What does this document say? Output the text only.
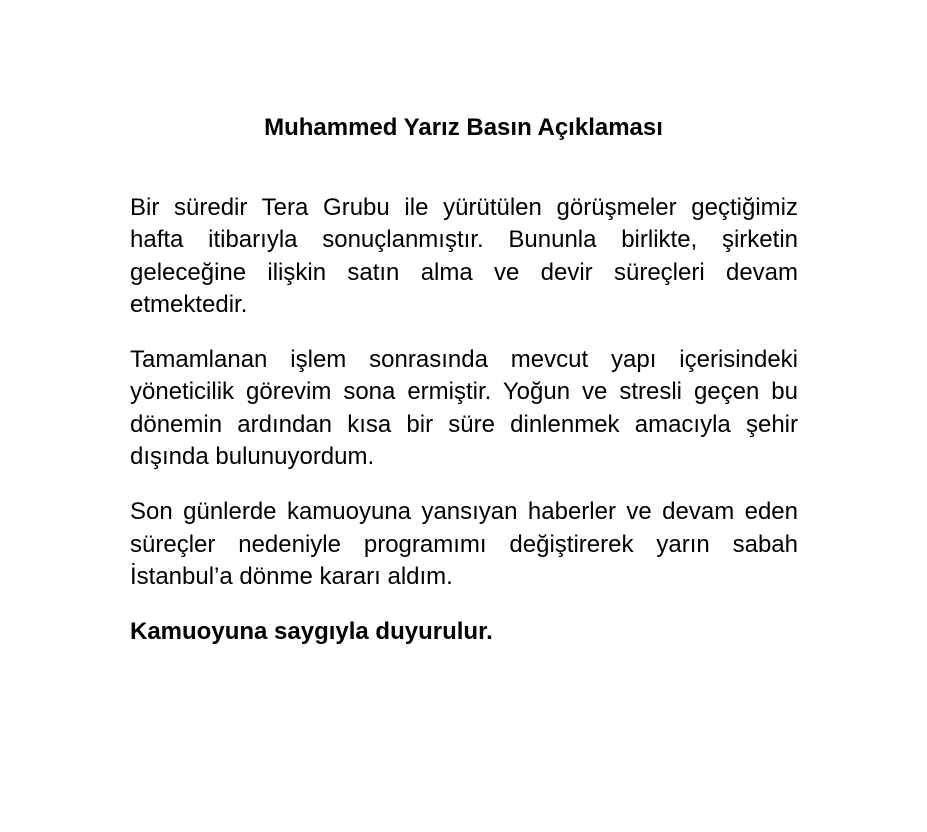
Muhammed Yarız Basın Açıklaması

Bir süredir Tera Grubu ile yürütülen görüşmeler geçtiğimiz hafta itibarıyla sonuçlanmıştır. Bununla birlikte, şirketin geleceğine ilişkin satın alma ve devir süreçleri devam etmektedir.

Tamamlanan işlem sonrasında mevcut yapı içerisindeki yöneticilik görevim sona ermiştir. Yoğun ve stresli geçen bu dönemin ardından kısa bir süre dinlenmek amacıyla şehir dışında bulunuyordum.

Son günlerde kamuoyuna yansıyan haberler ve devam eden süreçler nedeniyle programımı değiştirerek yarın sabah İstanbul’a dönme kararı aldım.

Kamuoyuna saygıyla duyurulur.
